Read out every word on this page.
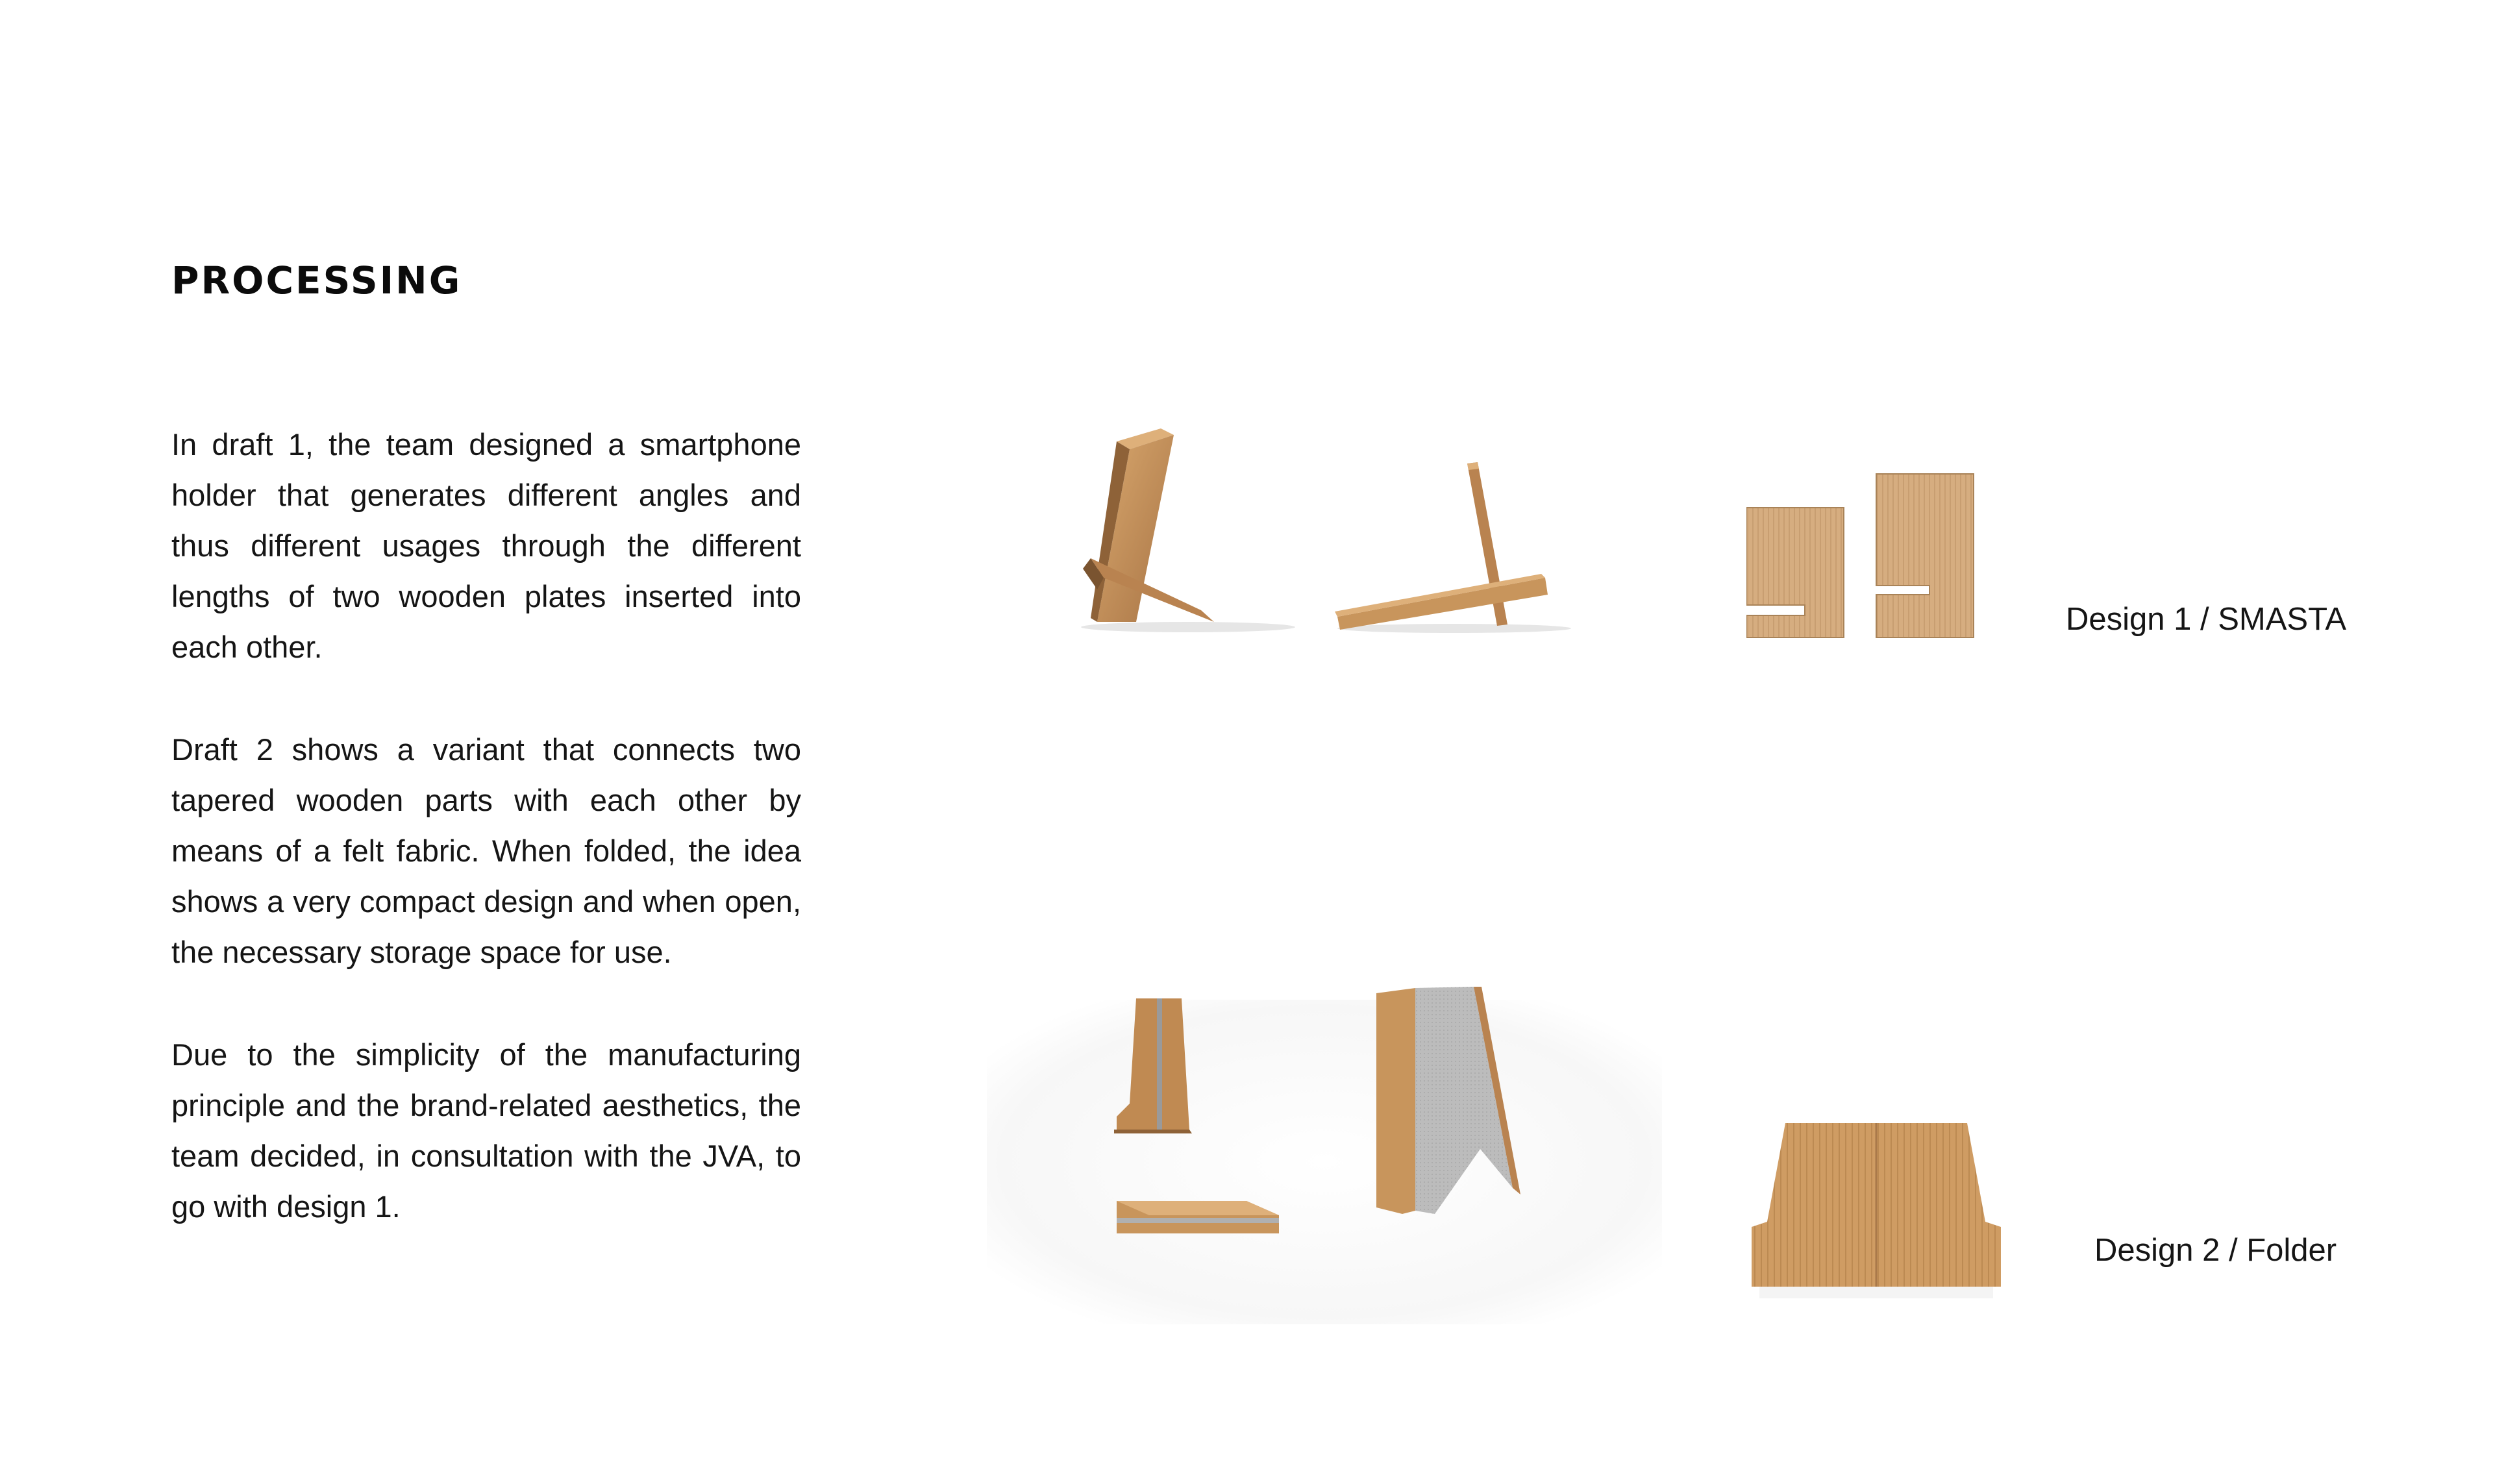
PROCESSING

In draft 1, the team designed a smartphone holder that generates different angles and thus different usages through the different lengths of two wooden plates inserted into each other.

Draft 2 shows a variant that connects two tapered wooden parts with each other by means of a felt fabric. When folded, the idea shows a very compact design and when open, the necessary storage space for use.

Due to the simplicity of the manufacturing principle and the brand-related aesthetics, the team decided, in consultation with the JVA, to go with design 1.

Design 1 / SMASTA
Design 2 / Folder
